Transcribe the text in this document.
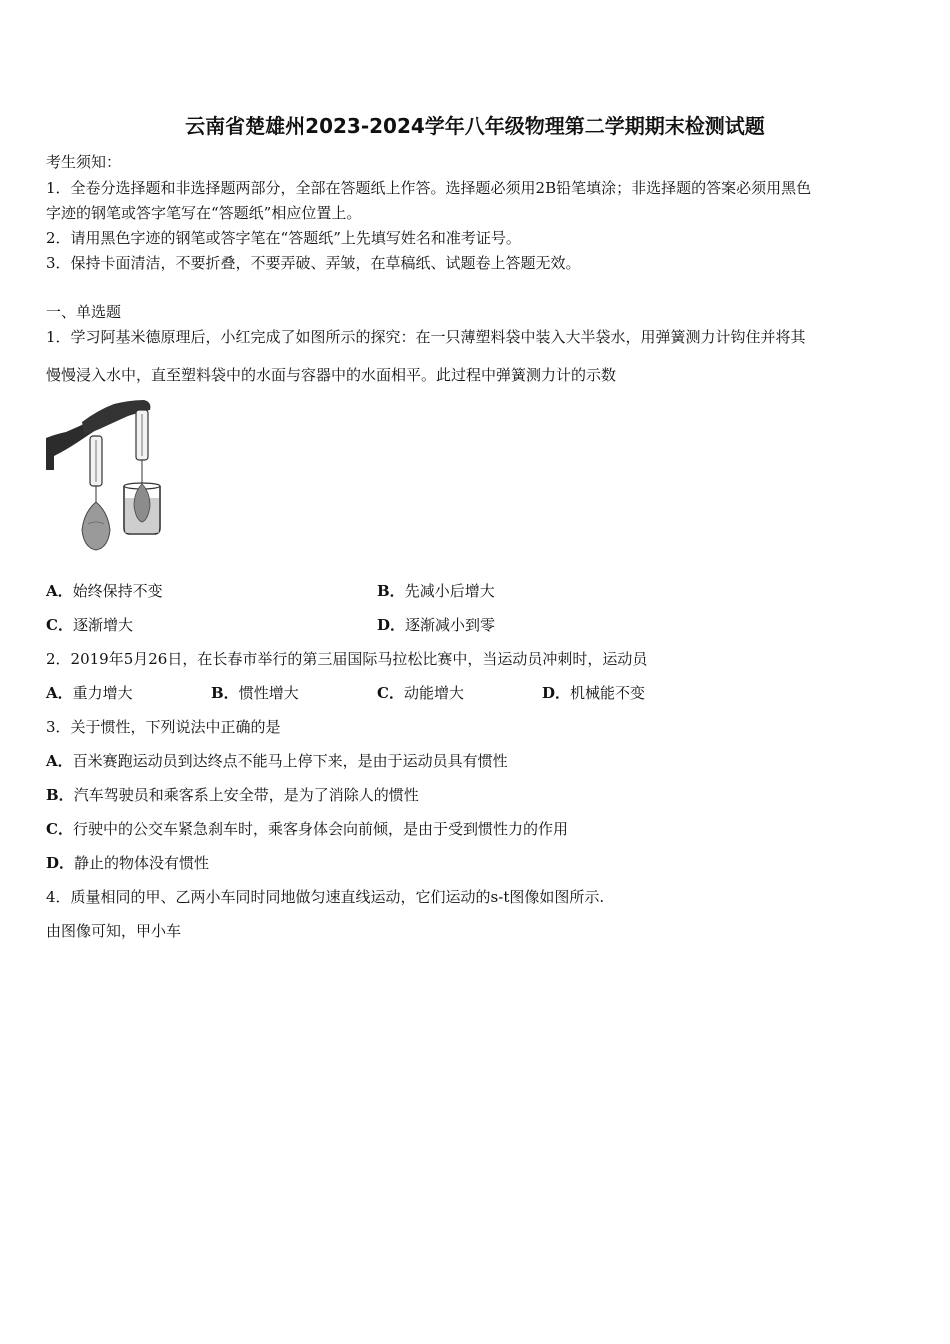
云南省楚雄州2023-2024学年八年级物理第二学期期末检测试题
考生须知：
1．全卷分选择题和非选择题两部分，全部在答题纸上作答。选择题必须用2B铅笔填涂；非选择题的答案必须用黑色
字迹的钢笔或答字笔写在“答题纸”相应位置上。
2．请用黑色字迹的钢笔或答字笔在“答题纸”上先填写姓名和准考证号。
3．保持卡面清洁，不要折叠，不要弄破、弄皱，在草稿纸、试题卷上答题无效。
一、单选题
1．学习阿基米德原理后，小红完成了如图所示的探究：在一只薄塑料袋中装入大半袋水，用弹簧测力计钩住并将其
慢慢浸入水中，直至塑料袋中的水面与容器中的水面相平。此过程中弹簧测力计的示数
A．始终保持不变	B．先减小后增大
C．逐渐增大	D．逐渐减小到零
2．2019年5月26日，在长春市举行的第三届国际马拉松比赛中，当运动员冲刺时，运动员
A．重力增大	B．惯性增大	C．动能增大	D．机械能不变
3．关于惯性，下列说法中正确的是
A．百米赛跑运动员到达终点不能马上停下来，是由于运动员具有惯性
B．汽车驾驶员和乘客系上安全带，是为了消除人的惯性
C．行驶中的公交车紧急刹车时，乘客身体会向前倾，是由于受到惯性力的作用
D．静止的物体没有惯性
4．质量相同的甲、乙两小车同时同地做匀速直线运动，它们运动的s-t图像如图所示.
由图像可知，甲小车
